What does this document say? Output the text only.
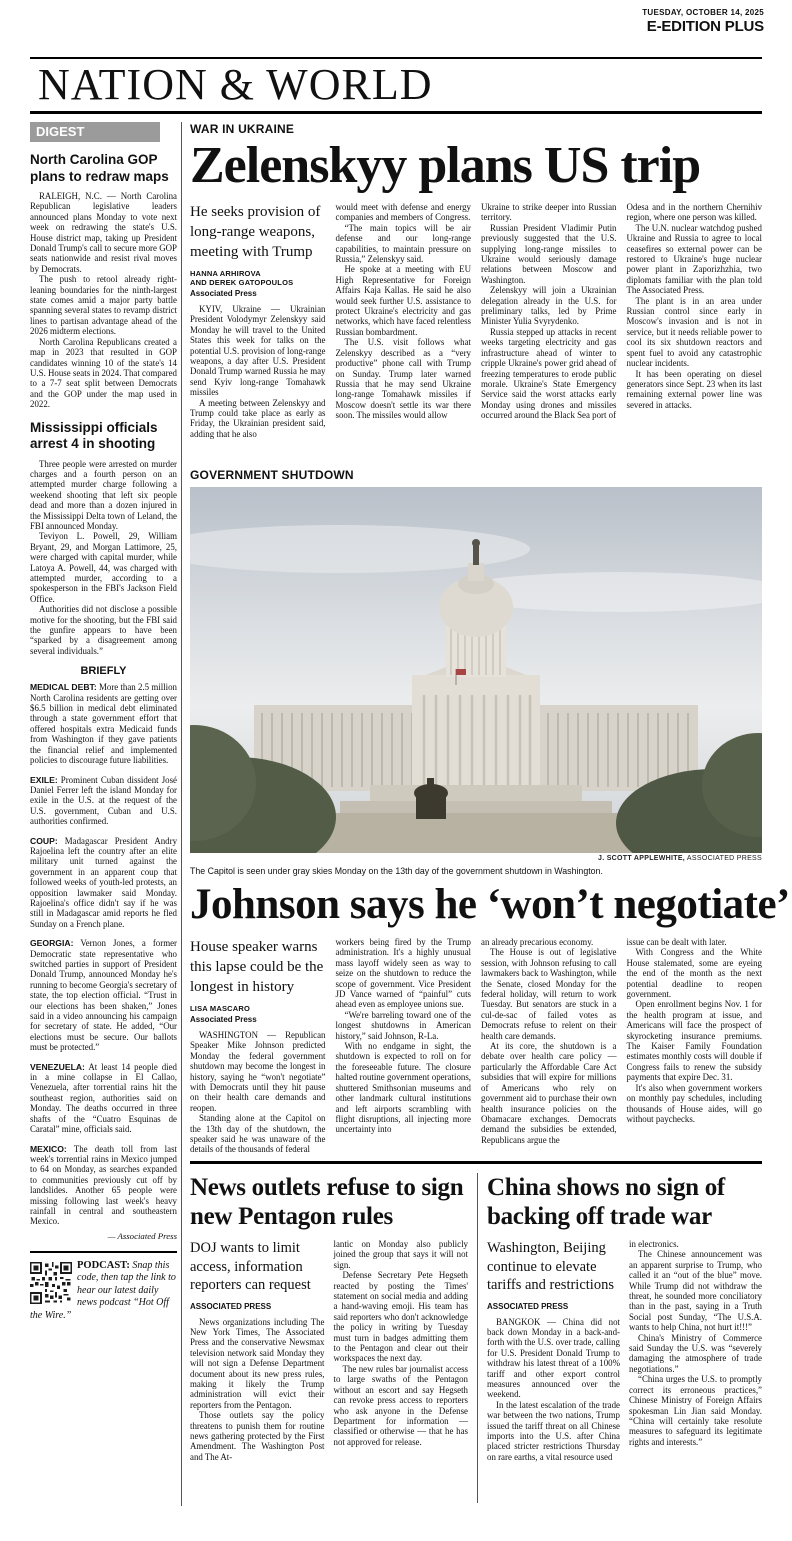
TUESDAY, OCTOBER 14, 2025
E-EDITION PLUS
NATION & WORLD
DIGEST
North Carolina GOP plans to redraw maps

RALEIGH, N.C. — North Carolina Republican legislative leaders announced plans Monday to vote next week on redrawing the state's U.S. House district map, taking up President Donald Trump's call to secure more GOP seats nationwide and resist rival moves by Democrats.

The push to retool already right-leaning boundaries for the ninth-largest state comes amid a major party battle spanning several states to revamp district lines to partisan advantage ahead of the 2026 midterm elections.

North Carolina Republicans created a map in 2023 that resulted in GOP candidates winning 10 of the state's 14 U.S. House seats in 2024. That compared to a 7-7 seat split between Democrats and the GOP under the map used in 2022.

Mississippi officials arrest 4 in shooting

Three people were arrested on murder charges and a fourth person on an attempted murder charge following a weekend shooting that left six people dead and more than a dozen injured in the Mississippi Delta town of Leland, the FBI announced Monday.

Teviyon L. Powell, 29, William Bryant, 29, and Morgan Lattimore, 25, were charged with capital murder, while Latoya A. Powell, 44, was charged with attempted murder, according to a spokesperson in the FBI's Jackson Field Office.

Authorities did not disclose a possible motive for the shooting, but the FBI said the gunfire appears to have been “sparked by a disagreement among several individuals.”

BRIEFLY

MEDICAL DEBT: More than 2.5 million North Carolina residents are getting over $6.5 billion in medical debt eliminated through a state government effort that offered hospitals extra Medicaid funds from Washington if they gave patients the financial relief and implemented policies to discourage future liabilities.

EXILE: Prominent Cuban dissident José Daniel Ferrer left the island Monday for exile in the U.S. at the request of the U.S. government, Cuban and U.S. authorities confirmed.

COUP: Madagascar President Andry Rajoelina left the country after an elite military unit turned against the government in an apparent coup that followed weeks of youth-led protests, an opposition lawmaker said Monday. Rajoelina's office didn't say if he was still in Madagascar amid reports he fled Sunday on a French plane.

GEORGIA: Vernon Jones, a former Democratic state representative who switched parties in support of President Donald Trump, announced Monday he's running to become Georgia's secretary of state, the top election official. “Trust in our elections has been shaken,” Jones said in a video announcing his campaign for secretary of state. He added, “Our elections must be secure. Our ballots must be protected.”

VENEZUELA: At least 14 people died in a mine collapse in El Callao, Venezuela, after torrential rains hit the southeast region, authorities said on Monday. The deaths occurred in three shafts of the “Cuatro Esquinas de Caratal” mine, officials said.

MEXICO: The death toll from last week's torrential rains in Mexico jumped to 64 on Monday, as searches expanded to communities previously cut off by landslides. Another 65 people were missing following last week's heavy rainfall in central and southeastern Mexico.

— Associated Press

PODCAST: Snap this code, then tap the link to hear our latest daily news podcast “Hot Off the Wire.”

WAR IN UKRAINE
Zelenskyy plans US trip

He seeks provision of long-range weapons, meeting with Trump

HANNA ARHIROVA
AND DEREK GATOPOULOS
Associated Press

KYIV, Ukraine — Ukrainian President Volodymyr Zelenskyy said Monday he will travel to the United States this week for talks on the potential U.S. provision of long-range weapons, a day after U.S. President Donald Trump warned Russia he may send Kyiv long-range Tomahawk missiles

A meeting between Zelenskyy and Trump could take place as early as Friday, the Ukrainian president said, adding that he also

would meet with defense and energy companies and members of Congress.

“The main topics will be air defense and our long-range capabilities, to maintain pressure on Russia,” Zelenskyy said.

He spoke at a meeting with EU High Representative for Foreign Affairs Kaja Kallas. He said he also would seek further U.S. assistance to protect Ukraine's electricity and gas networks, which have faced relentless Russian bombardment.

The U.S. visit follows what Zelenskyy described as a “very productive” phone call with Trump on Sunday. Trump later warned Russia that he may send Ukraine long-range Tomahawk missiles if Moscow doesn't settle its war there soon. The missiles would allow

Ukraine to strike deeper into Russian territory.

Russian President Vladimir Putin previously suggested that the U.S. supplying long-range missiles to Ukraine would seriously damage relations between Moscow and Washington.

Zelenskyy will join a Ukrainian delegation already in the U.S. for preliminary talks, led by Prime Minister Yulia Svyrydenko.

Russia stepped up attacks in recent weeks targeting electricity and gas infrastructure ahead of winter to cripple Ukraine's power grid ahead of freezing temperatures to erode public morale. Ukraine's State Emergency Service said the worst attacks early Monday using drones and missiles occurred around the Black Sea port of

Odesa and in the northern Chernihiv region, where one person was killed.

The U.N. nuclear watchdog pushed Ukraine and Russia to agree to local ceasefires so external power can be restored to Ukraine's huge nuclear power plant in Zaporizhzhia, two diplomats familiar with the plan told The Associated Press.

The plant is in an area under Russian control since early in Moscow's invasion and is not in service, but it needs reliable power to cool its six shutdown reactors and spent fuel to avoid any catastrophic nuclear incidents.

It has been operating on diesel generators since Sept. 23 when its last remaining external power line was severed in attacks.

GOVERNMENT SHUTDOWN
J. SCOTT APPLEWHITE, ASSOCIATED PRESS
The Capitol is seen under gray skies Monday on the 13th day of the government shutdown in Washington.
Johnson says he ‘won’t negotiate’

House speaker warns this lapse could be the longest in history

LISA MASCARO
Associated Press

WASHINGTON — Republican Speaker Mike Johnson predicted Monday the federal government shutdown may become the longest in history, saying he “won't negotiate” with Democrats until they hit pause on their health care demands and reopen.

Standing alone at the Capitol on the 13th day of the shutdown, the speaker said he was unaware of the details of the thousands of federal

workers being fired by the Trump administration. It's a highly unusual mass layoff widely seen as way to seize on the shutdown to reduce the scope of government. Vice President JD Vance warned of “painful” cuts ahead even as employee unions sue.

“We're barreling toward one of the longest shutdowns in American history,” said Johnson, R-La.

With no endgame in sight, the shutdown is expected to roll on for the foreseeable future. The closure halted routine government operations, shuttered Smithsonian museums and other landmark cultural institutions and left airports scrambling with flight disruptions, all injecting more uncertainty into

an already precarious economy.

The House is out of legislative session, with Johnson refusing to call lawmakers back to Washington, while the Senate, closed Monday for the federal holiday, will return to work Tuesday. But senators are stuck in a cul-de-sac of failed votes as Democrats refuse to relent on their health care demands.

At its core, the shutdown is a debate over health care policy — particularly the Affordable Care Act subsidies that will expire for millions of Americans who rely on government aid to purchase their own health insurance policies on the Obamacare exchanges. Democrats demand the subsidies be extended, Republicans argue the

issue can be dealt with later.

With Congress and the White House stalemated, some are eyeing the end of the month as the next potential deadline to reopen government.

Open enrollment begins Nov. 1 for the health program at issue, and Americans will face the prospect of skyrocketing insurance premiums. The Kaiser Family Foundation estimates monthly costs will double if Congress fails to renew the subsidy payments that expire Dec. 31.

It's also when government workers on monthly pay schedules, including thousands of House aides, will go without paychecks.

News outlets refuse to sign new Pentagon rules

DOJ wants to limit access, information reporters can request

ASSOCIATED PRESS

News organizations including The New York Times, The Associated Press and the conservative Newsmax television network said Monday they will not sign a Defense Department document about its new press rules, making it likely the Trump administration will evict their reporters from the Pentagon.

Those outlets say the policy threatens to punish them for routine news gathering protected by the First Amendment. The Washington Post and The At-

lantic on Monday also publicly joined the group that says it will not sign.

Defense Secretary Pete Hegseth reacted by posting the Times' statement on social media and adding a hand-waving emoji. His team has said reporters who don't acknowledge the policy in writing by Tuesday must turn in badges admitting them to the Pentagon and clear out their workspaces the next day.

The new rules bar journalist access to large swaths of the Pentagon without an escort and say Hegseth can revoke press access to reporters who ask anyone in the Defense Department for information — classified or otherwise — that he has not approved for release.

China shows no sign of backing off trade war

Washington, Beijing continue to elevate tariffs and restrictions

ASSOCIATED PRESS

BANGKOK — China did not back down Monday in a back-and-forth with the U.S. over trade, calling for U.S. President Donald Trump to withdraw his latest threat of a 100% tariff and other export control measures announced over the weekend.

In the latest escalation of the trade war between the two nations, Trump issued the tariff threat on all Chinese imports into the U.S. after China placed stricter restrictions Thursday on rare earths, a vital resource used

in electronics.

The Chinese announcement was an apparent surprise to Trump, who called it an “out of the blue” move. While Trump did not withdraw the threat, he sounded more conciliatory than in the past, saying in a Truth Social post Sunday, “The U.S.A. wants to help China, not hurt it!!!”

China's Ministry of Commerce said Sunday the U.S. was “severely damaging the atmosphere of trade negotiations.”

“China urges the U.S. to promptly correct its erroneous practices,” Chinese Ministry of Foreign Affairs spokesman Lin Jian said Monday. “China will certainly take resolute measures to safeguard its legitimate rights and interests.”
